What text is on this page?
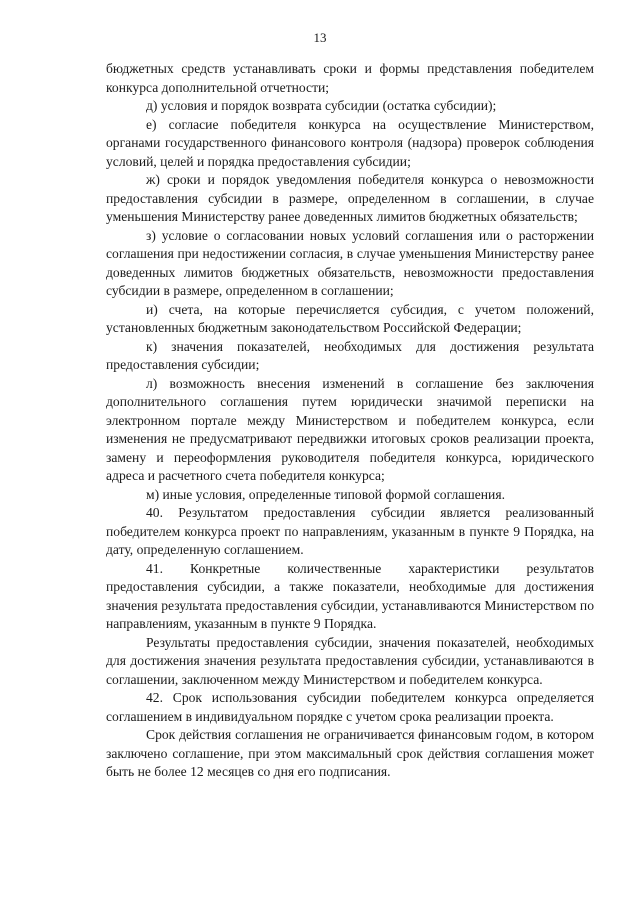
13

бюджетных средств устанавливать сроки и формы представления победителем конкурса дополнительной отчетности;

д) условия и порядок возврата субсидии (остатка субсидии);

е) согласие победителя конкурса на осуществление Министерством, органами государственного финансового контроля (надзора) проверок соблюдения условий, целей и порядка предоставления субсидии;

ж) сроки и порядок уведомления победителя конкурса о невозможности предоставления субсидии в размере, определенном в соглашении, в случае уменьшения Министерству ранее доведенных лимитов бюджетных обязательств;

з) условие о согласовании новых условий соглашения или о расторжении соглашения при недостижении согласия, в случае уменьшения Министерству ранее доведенных лимитов бюджетных обязательств, невозможности предоставления субсидии в размере, определенном в соглашении;

и) счета, на которые перечисляется субсидия, с учетом положений, установленных бюджетным законодательством Российской Федерации;

к) значения показателей, необходимых для достижения результата предоставления субсидии;

л) возможность внесения изменений в соглашение без заключения дополнительного соглашения путем юридически значимой переписки на электронном портале между Министерством и победителем конкурса, если изменения не предусматривают передвижки итоговых сроков реализации проекта, замену и переоформления руководителя победителя конкурса, юридического адреса и расчетного счета победителя конкурса;

м) иные условия, определенные типовой формой соглашения.

40. Результатом предоставления субсидии является реализованный победителем конкурса проект по направлениям, указанным в пункте 9 Порядка, на дату, определенную соглашением.

41. Конкретные количественные характеристики результатов предоставления субсидии, а также показатели, необходимые для достижения значения результата предоставления субсидии, устанавливаются Министерством по направлениям, указанным в пункте 9 Порядка.

Результаты предоставления субсидии, значения показателей, необходимых для достижения значения результата предоставления субсидии, устанавливаются в соглашении, заключенном между Министерством и победителем конкурса.

42. Срок использования субсидии победителем конкурса определяется соглашением в индивидуальном порядке с учетом срока реализации проекта.

Срок действия соглашения не ограничивается финансовым годом, в котором заключено соглашение, при этом максимальный срок действия соглашения может быть не более 12 месяцев со дня его подписания.
